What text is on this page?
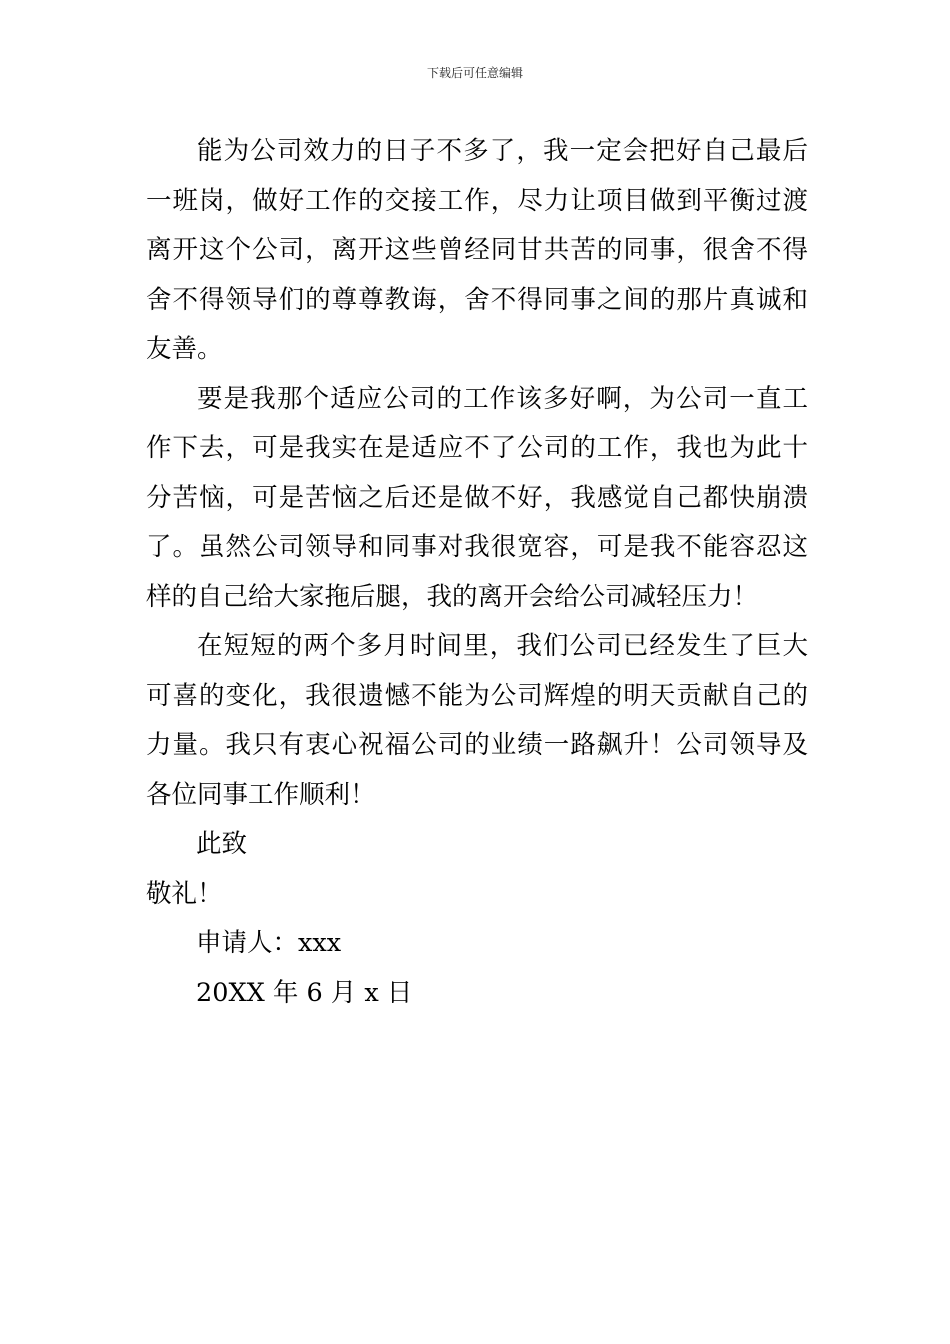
下载后可任意编辑

能为公司效力的日子不多了，我一定会把好自己最后一班岗，做好工作的交接工作，尽力让项目做到平衡过渡离开这个公司，离开这些曾经同甘共苦的同事，很舍不得舍不得领导们的尊尊教诲，舍不得同事之间的那片真诚和友善。

要是我那个适应公司的工作该多好啊，为公司一直工作下去，可是我实在是适应不了公司的工作，我也为此十分苦恼，可是苦恼之后还是做不好，我感觉自己都快崩溃了。虽然公司领导和同事对我很宽容，可是我不能容忍这样的自己给大家拖后腿，我的离开会给公司减轻压力！

在短短的两个多月时间里，我们公司已经发生了巨大可喜的变化，我很遗憾不能为公司辉煌的明天贡献自己的力量。我只有衷心祝福公司的业绩一路飙升！公司领导及各位同事工作顺利！

此致

敬礼！

申请人：xxx

20XX 年 6 月 x 日
